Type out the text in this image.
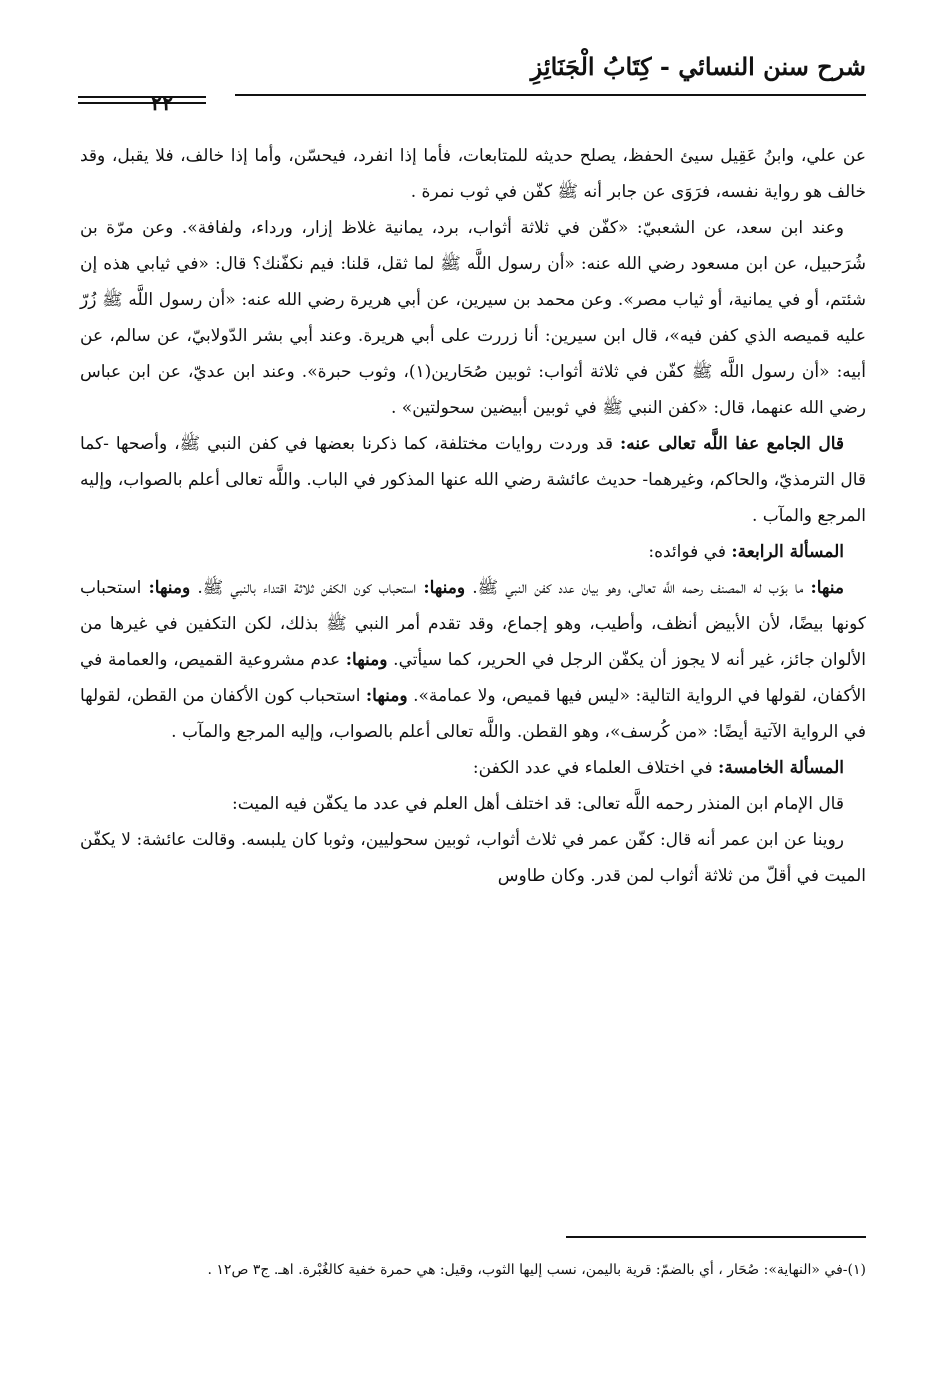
شرح سنن النسائي - كِتَابُ الْجَنَائِزِ
٢٢

عن علي، وابنُ عَقِيل سيئ الحفظ، يصلح حديثه للمتابعات، فأما إذا انفرد، فيحسّن، وأما إذا خالف، فلا يقبل، وقد خالف هو رواية نفسه، فرَوَى عن جابر أنه ﷺ كفّن في ثوب نمرة .

وعند ابن سعد، عن الشعبيّ: «كفّن في ثلاثة أثواب، برد، يمانية غلاظ إزار، ورداء، ولفافة». وعن مرّة بن شُرَحبيل، عن ابن مسعود رضي الله عنه: «أن رسول اللَّه ﷺ لما ثقل، قلنا: فيم نكفّنك؟ قال: «في ثيابي هذه إن شئتم، أو في يمانية، أو ثياب مصر». وعن محمد بن سيرين، عن أبي هريرة رضي الله عنه: «أن رسول اللَّه ﷺ زُرّ عليه قميصه الذي كفن فيه»، قال ابن سيرين: أنا زررت على أبي هريرة. وعند أبي بشر الدّولابيّ، عن سالم، عن أبيه: «أن رسول اللَّه ﷺ كفّن في ثلاثة أثواب: ثوبين صُحَارين(١)، وثوب حبرة». وعند ابن عديّ، عن ابن عباس رضي الله عنهما، قال: «كفن النبي ﷺ في ثوبين أبيضين سحولتين» .

قال الجامع عفا اللَّه تعالى عنه: قد وردت روايات مختلفة، كما ذكرنا بعضها في كفن النبي ﷺ، وأصحها -كما قال الترمذيّ، والحاكم، وغيرهما- حديث عائشة رضي الله عنها المذكور في الباب. واللَّه تعالى أعلم بالصواب، وإليه المرجع والمآب .

المسألة الرابعة: في فوائده:

منها: ما بوّب له المصنف رحمه اللَّه تعالى، وهو بيان عدد كفن النبي ﷺ. ومنها: استحباب كون الكفن ثلاثة اقتداء بالنبي ﷺ. ومنها: استحباب كونها بيضًا، لأن الأبيض أنظف، وأطيب، وهو إجماع، وقد تقدم أمر النبي ﷺ بذلك، لكن التكفين في غيرها من الألوان جائز، غير أنه لا يجوز أن يكفّن الرجل في الحرير، كما سيأتي. ومنها: عدم مشروعية القميص، والعمامة في الأكفان، لقولها في الرواية التالية: «ليس فيها قميص، ولا عمامة». ومنها: استحباب كون الأكفان من القطن، لقولها في الرواية الآتية أيضًا: «من كُرسف»، وهو القطن. واللَّه تعالى أعلم بالصواب، وإليه المرجع والمآب .

المسألة الخامسة: في اختلاف العلماء في عدد الكفن:

قال الإمام ابن المنذر رحمه اللَّه تعالى: قد اختلف أهل العلم في عدد ما يكفّن فيه الميت:

روينا عن ابن عمر أنه قال: كفّن عمر في ثلاث أثواب، ثوبين سحوليين، وثوبا كان يلبسه. وقالت عائشة: لا يكفّن الميت في أقلّ من ثلاثة أثواب لمن قدر. وكان طاوس

(١)-في «النهاية»: صُحَار ، أي بالضمّ: قرية باليمن، نسب إليها الثوب، وقيل: هي حمرة خفية كالغُبْرة. اهـ. ج٣ ص١٢ .
